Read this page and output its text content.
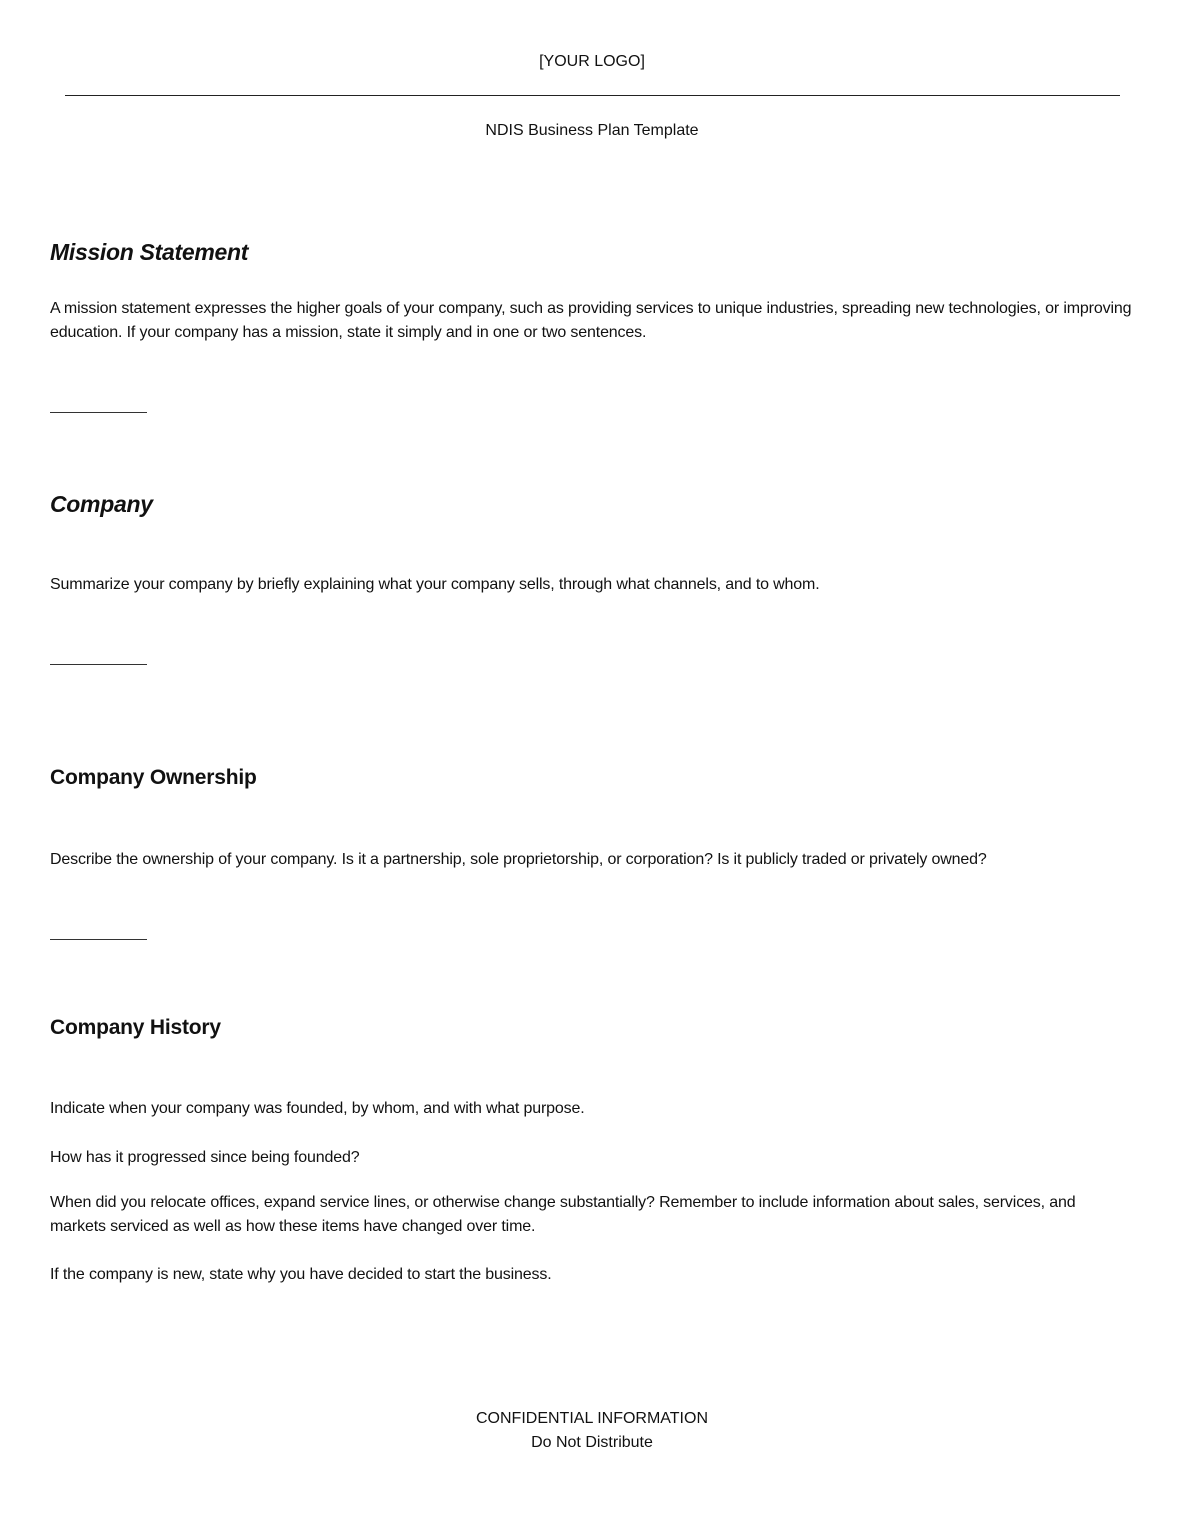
[YOUR LOGO]
NDIS Business Plan Template
Mission Statement
A mission statement expresses the higher goals of your company, such as providing services to unique industries, spreading new technologies, or improving education. If your company has a mission, state it simply and in one or two sentences.
Company
Summarize your company by briefly explaining what your company sells, through what channels, and to whom.
Company Ownership
Describe the ownership of your company. Is it a partnership, sole proprietorship, or corporation? Is it publicly traded or privately owned?
Company History
Indicate when your company was founded, by whom, and with what purpose.
How has it progressed since being founded?
When did you relocate offices, expand service lines, or otherwise change substantially? Remember to include information about sales, services, and markets serviced as well as how these items have changed over time.
If the company is new, state why you have decided to start the business.
CONFIDENTIAL INFORMATION
Do Not Distribute
